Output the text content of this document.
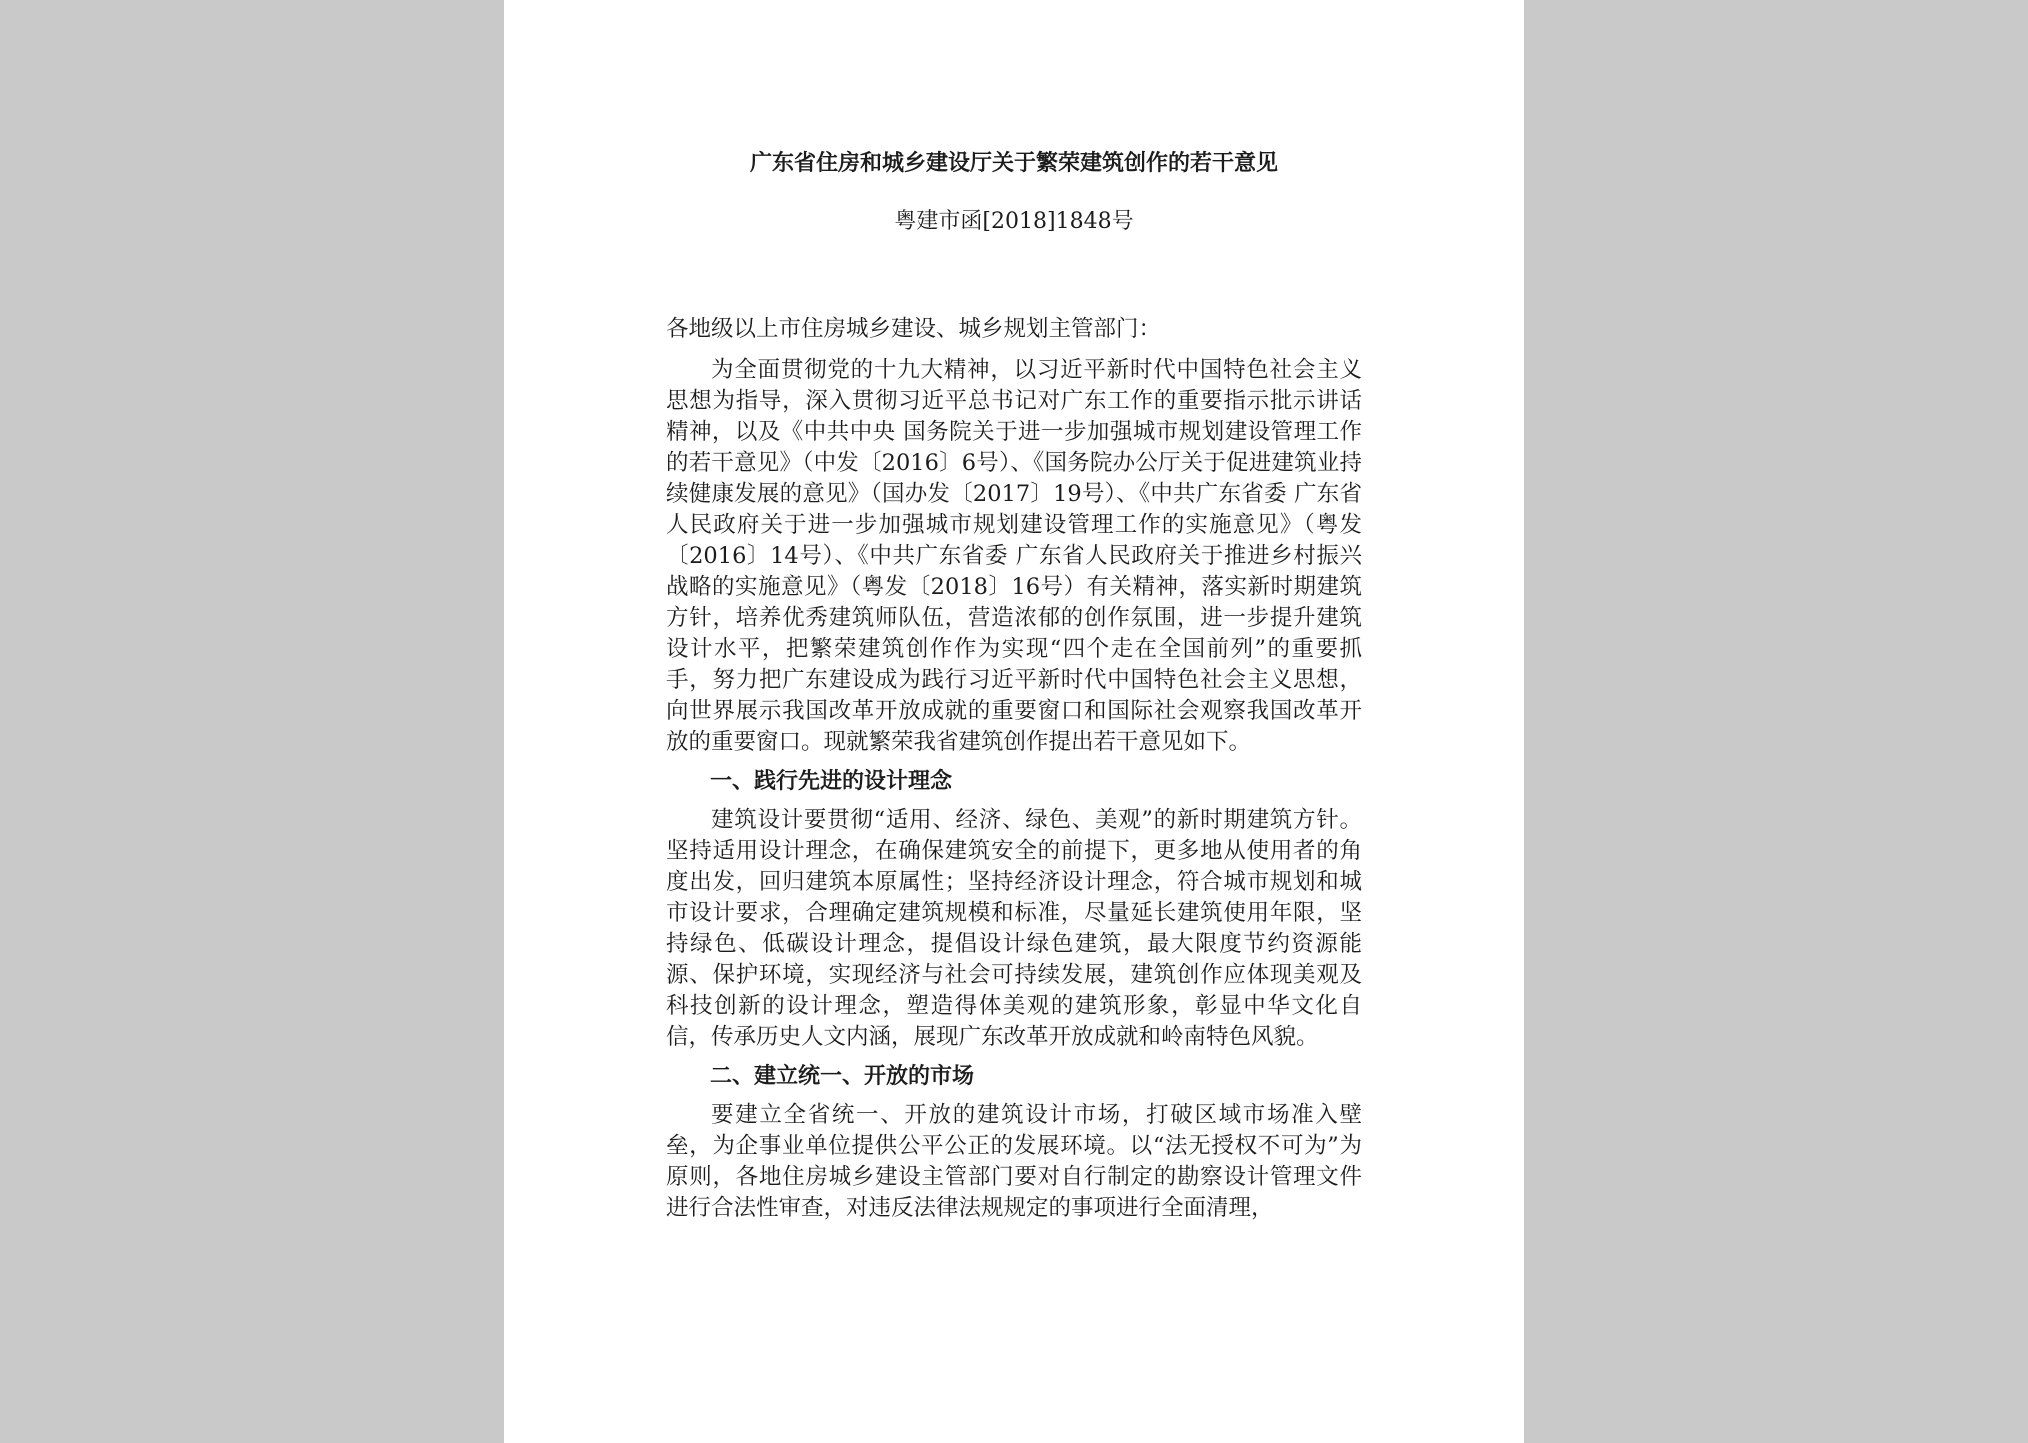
广东省住房和城乡建设厅关于繁荣建筑创作的若干意见
粤建市函[2018]1848号

各地级以上市住房城乡建设、城乡规划主管部门：

为全面贯彻党的十九大精神，以习近平新时代中国特色社会主义思想为指导，深入贯彻习近平总书记对广东工作的重要指示批示讲话精神，以及《中共中央 国务院关于进一步加强城市规划建设管理工作的若干意见》（中发〔2016〕6号）、《国务院办公厅关于促进建筑业持续健康发展的意见》（国办发〔2017〕19号）、《中共广东省委 广东省人民政府关于进一步加强城市规划建设管理工作的实施意见》（粤发〔2016〕14号）、《中共广东省委 广东省人民政府关于推进乡村振兴战略的实施意见》（粤发〔2018〕16号）有关精神，落实新时期建筑方针，培养优秀建筑师队伍，营造浓郁的创作氛围，进一步提升建筑设计水平，把繁荣建筑创作作为实现“四个走在全国前列”的重要抓手，努力把广东建设成为践行习近平新时代中国特色社会主义思想，向世界展示我国改革开放成就的重要窗口和国际社会观察我国改革开放的重要窗口。现就繁荣我省建筑创作提出若干意见如下。

一、践行先进的设计理念

建筑设计要贯彻“适用、经济、绿色、美观”的新时期建筑方针。坚持适用设计理念，在确保建筑安全的前提下，更多地从使用者的角度出发，回归建筑本原属性；坚持经济设计理念，符合城市规划和城市设计要求，合理确定建筑规模和标准，尽量延长建筑使用年限，坚持绿色、低碳设计理念，提倡设计绿色建筑，最大限度节约资源能源、保护环境，实现经济与社会可持续发展，建筑创作应体现美观及科技创新的设计理念，塑造得体美观的建筑形象，彰显中华文化自信，传承历史人文内涵，展现广东改革开放成就和岭南特色风貌。

二、建立统一、开放的市场

要建立全省统一、开放的建筑设计市场，打破区域市场准入壁垒，为企事业单位提供公平公正的发展环境。以“法无授权不可为”为原则，各地住房城乡建设主管部门要对自行制定的勘察设计管理文件进行合法性审查，对违反法律法规规定的事项进行全面清理，
